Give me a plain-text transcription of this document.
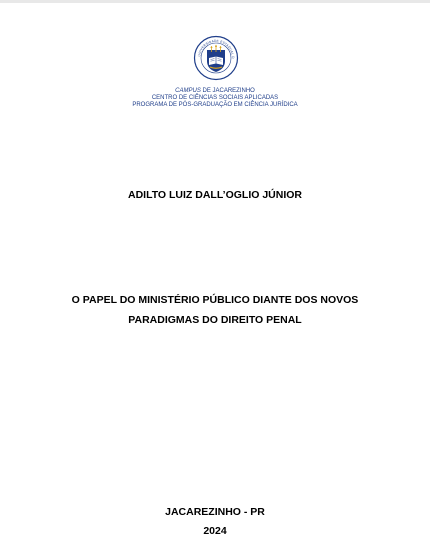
UNIVERSIDADE ESTADUAL D
CAMPUS DE JACAREZINHO
CENTRO DE CIÊNCIAS SOCIAIS APLICADAS
PROGRAMA DE PÓS-GRADUAÇÃO EM CIÊNCIA JURÍDICA
ADILTO LUIZ DALL’OGLIO JÚNIOR
O PAPEL DO MINISTÉRIO PÚBLICO DIANTE DOS NOVOS
PARADIGMAS DO DIREITO PENAL
JACAREZINHO - PR
2024
